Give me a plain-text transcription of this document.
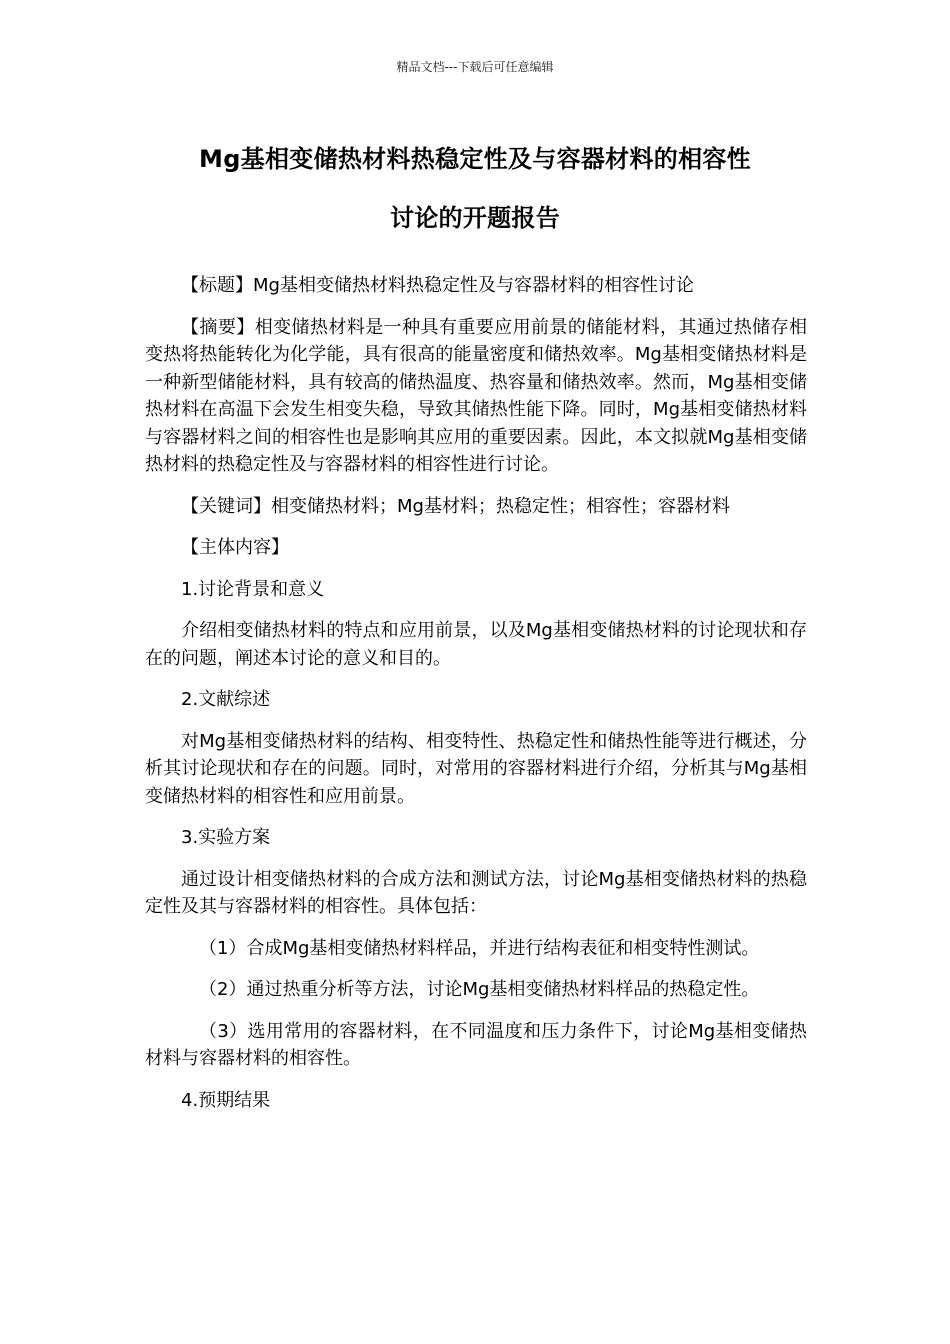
精品文档---下载后可任意编辑
Mg基相变储热材料热稳定性及与容器材料的相容性
讨论的开题报告

【标题】Mg基相变储热材料热稳定性及与容器材料的相容性讨论

【摘要】相变储热材料是一种具有重要应用前景的储能材料，其通过热储存相变热将热能转化为化学能，具有很高的能量密度和储热效率。Mg基相变储热材料是一种新型储能材料，具有较高的储热温度、热容量和储热效率。然而，Mg基相变储热材料在高温下会发生相变失稳，导致其储热性能下降。同时，Mg基相变储热材料与容器材料之间的相容性也是影响其应用的重要因素。因此，本文拟就Mg基相变储热材料的热稳定性及与容器材料的相容性进行讨论。

【关键词】相变储热材料；Mg基材料；热稳定性；相容性；容器材料

【主体内容】

1.讨论背景和意义

介绍相变储热材料的特点和应用前景，以及Mg基相变储热材料的讨论现状和存在的问题，阐述本讨论的意义和目的。

2.文献综述

对Mg基相变储热材料的结构、相变特性、热稳定性和储热性能等进行概述，分析其讨论现状和存在的问题。同时，对常用的容器材料进行介绍，分析其与Mg基相变储热材料的相容性和应用前景。

3.实验方案

通过设计相变储热材料的合成方法和测试方法，讨论Mg基相变储热材料的热稳定性及其与容器材料的相容性。具体包括：

（1）合成Mg基相变储热材料样品，并进行结构表征和相变特性测试。

（2）通过热重分析等方法，讨论Mg基相变储热材料样品的热稳定性。

（3）选用常用的容器材料，在不同温度和压力条件下，讨论Mg基相变储热材料与容器材料的相容性。

4.预期结果
